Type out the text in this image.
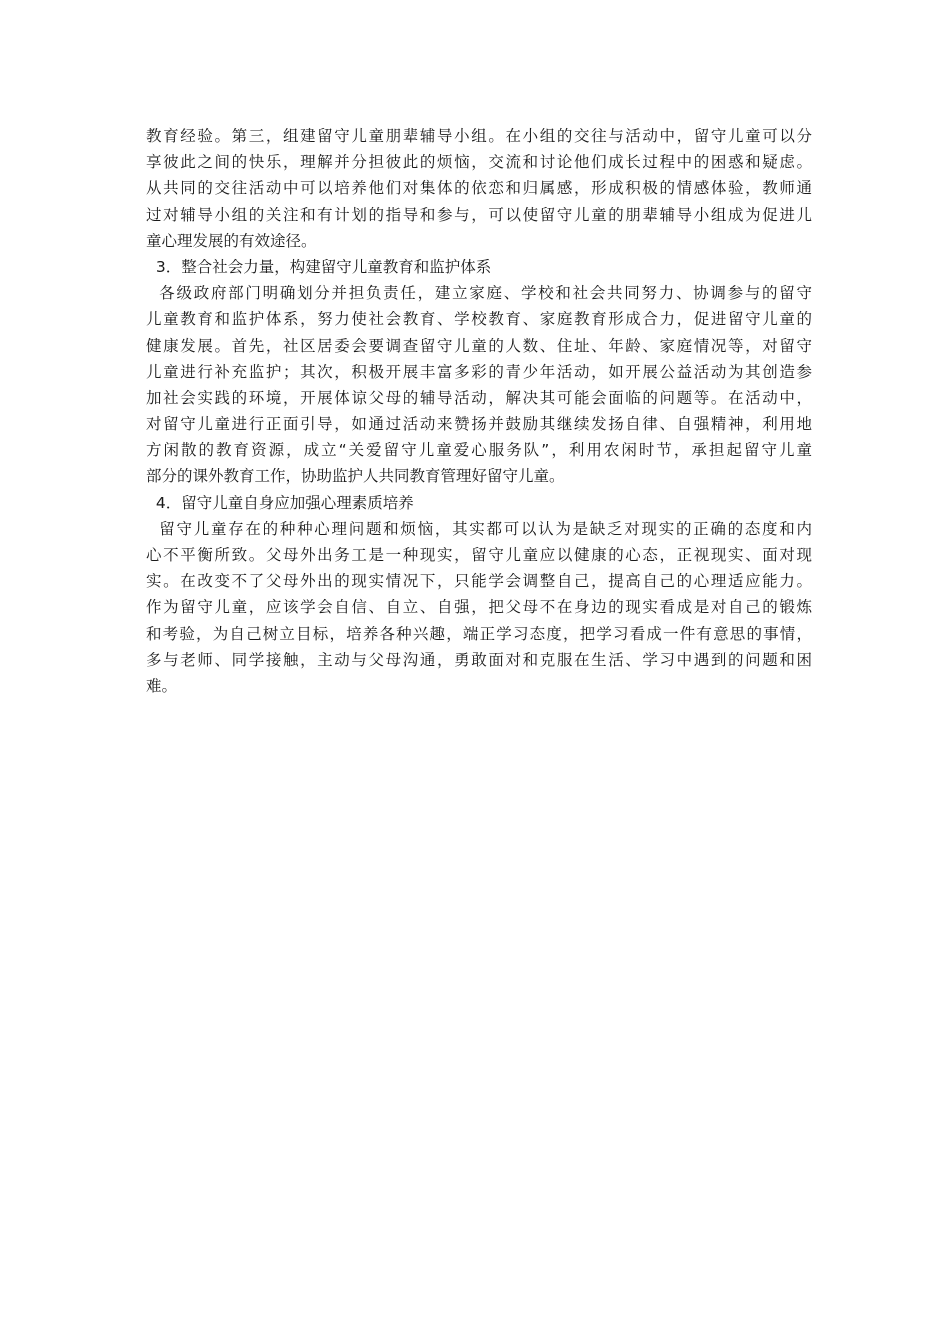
教育经验。第三，组建留守儿童朋辈辅导小组。在小组的交往与活动中，留守儿童可以分
享彼此之间的快乐，理解并分担彼此的烦恼，交流和讨论他们成长过程中的困惑和疑虑。
从共同的交往活动中可以培养他们对集体的依恋和归属感，形成积极的情感体验，教师通
过对辅导小组的关注和有计划的指导和参与，可以使留守儿童的朋辈辅导小组成为促进儿
童心理发展的有效途径。
3．整合社会力量，构建留守儿童教育和监护体系
各级政府部门明确划分并担负责任，建立家庭、学校和社会共同努力、协调参与的留守
儿童教育和监护体系，努力使社会教育、学校教育、家庭教育形成合力，促进留守儿童的
健康发展。首先，社区居委会要调查留守儿童的人数、住址、年龄、家庭情况等，对留守
儿童进行补充监护；其次，积极开展丰富多彩的青少年活动，如开展公益活动为其创造参
加社会实践的环境，开展体谅父母的辅导活动，解决其可能会面临的问题等。在活动中，
对留守儿童进行正面引导，如通过活动来赞扬并鼓励其继续发扬自律、自强精神，利用地
方闲散的教育资源，成立“关爱留守儿童爱心服务队”，利用农闲时节，承担起留守儿童
部分的课外教育工作，协助监护人共同教育管理好留守儿童。
4．留守儿童自身应加强心理素质培养
留守儿童存在的种种心理问题和烦恼，其实都可以认为是缺乏对现实的正确的态度和内
心不平衡所致。父母外出务工是一种现实，留守儿童应以健康的心态，正视现实、面对现
实。在改变不了父母外出的现实情况下，只能学会调整自己，提高自己的心理适应能力。
作为留守儿童，应该学会自信、自立、自强，把父母不在身边的现实看成是对自己的锻炼
和考验，为自己树立目标，培养各种兴趣，端正学习态度，把学习看成一件有意思的事情，
多与老师、同学接触，主动与父母沟通，勇敢面对和克服在生活、学习中遇到的问题和困
难。
